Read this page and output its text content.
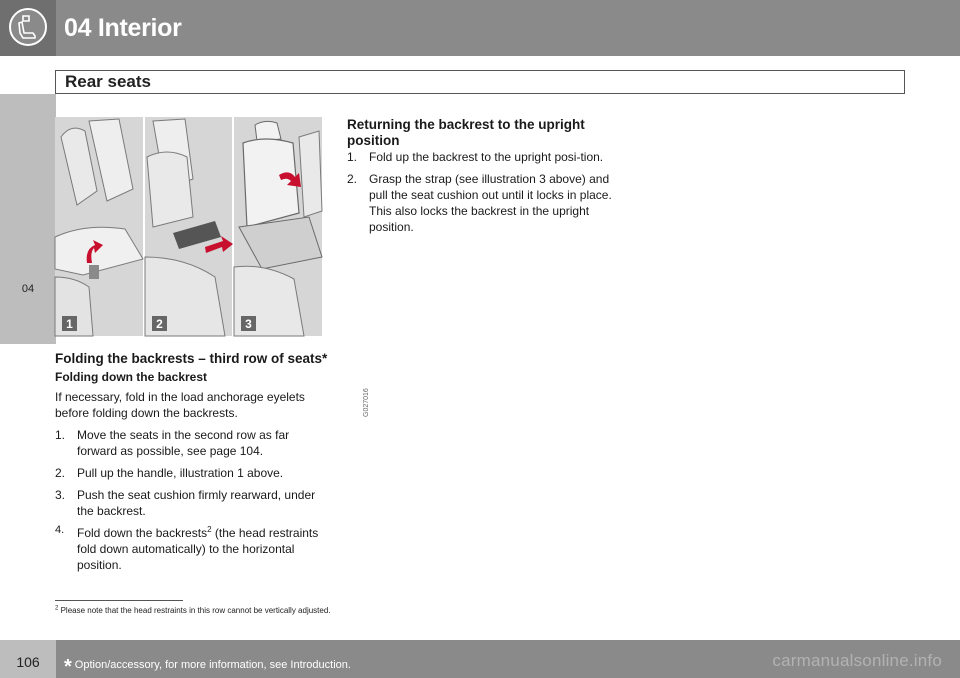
04 Interior
Rear seats
04
1	2	3
G027016
Folding the backrests – third row of seats*
Folding down the backrest

If necessary, fold in the load anchorage eyelets before folding down the backrests.

1. Move the seats in the second row as far forward as possible, see page 104.
2. Pull up the handle, illustration 1 above.
3. Push the seat cushion firmly rearward, under the backrest.
4. Fold down the backrests$^2$ (the head restraints fold down automatically) to the horizontal position.
Returning the backrest to the upright position
1. Fold up the backrest to the upright posi-tion.
2. Grasp the strap (see illustration 3 above) and pull the seat cushion out until it locks in place. This also locks the backrest in the upright position.
$^2$ Please note that the head restraints in this row cannot be vertically adjusted.
106	* Option/accessory, for more information, see Introduction.	carmanualsonline.info
